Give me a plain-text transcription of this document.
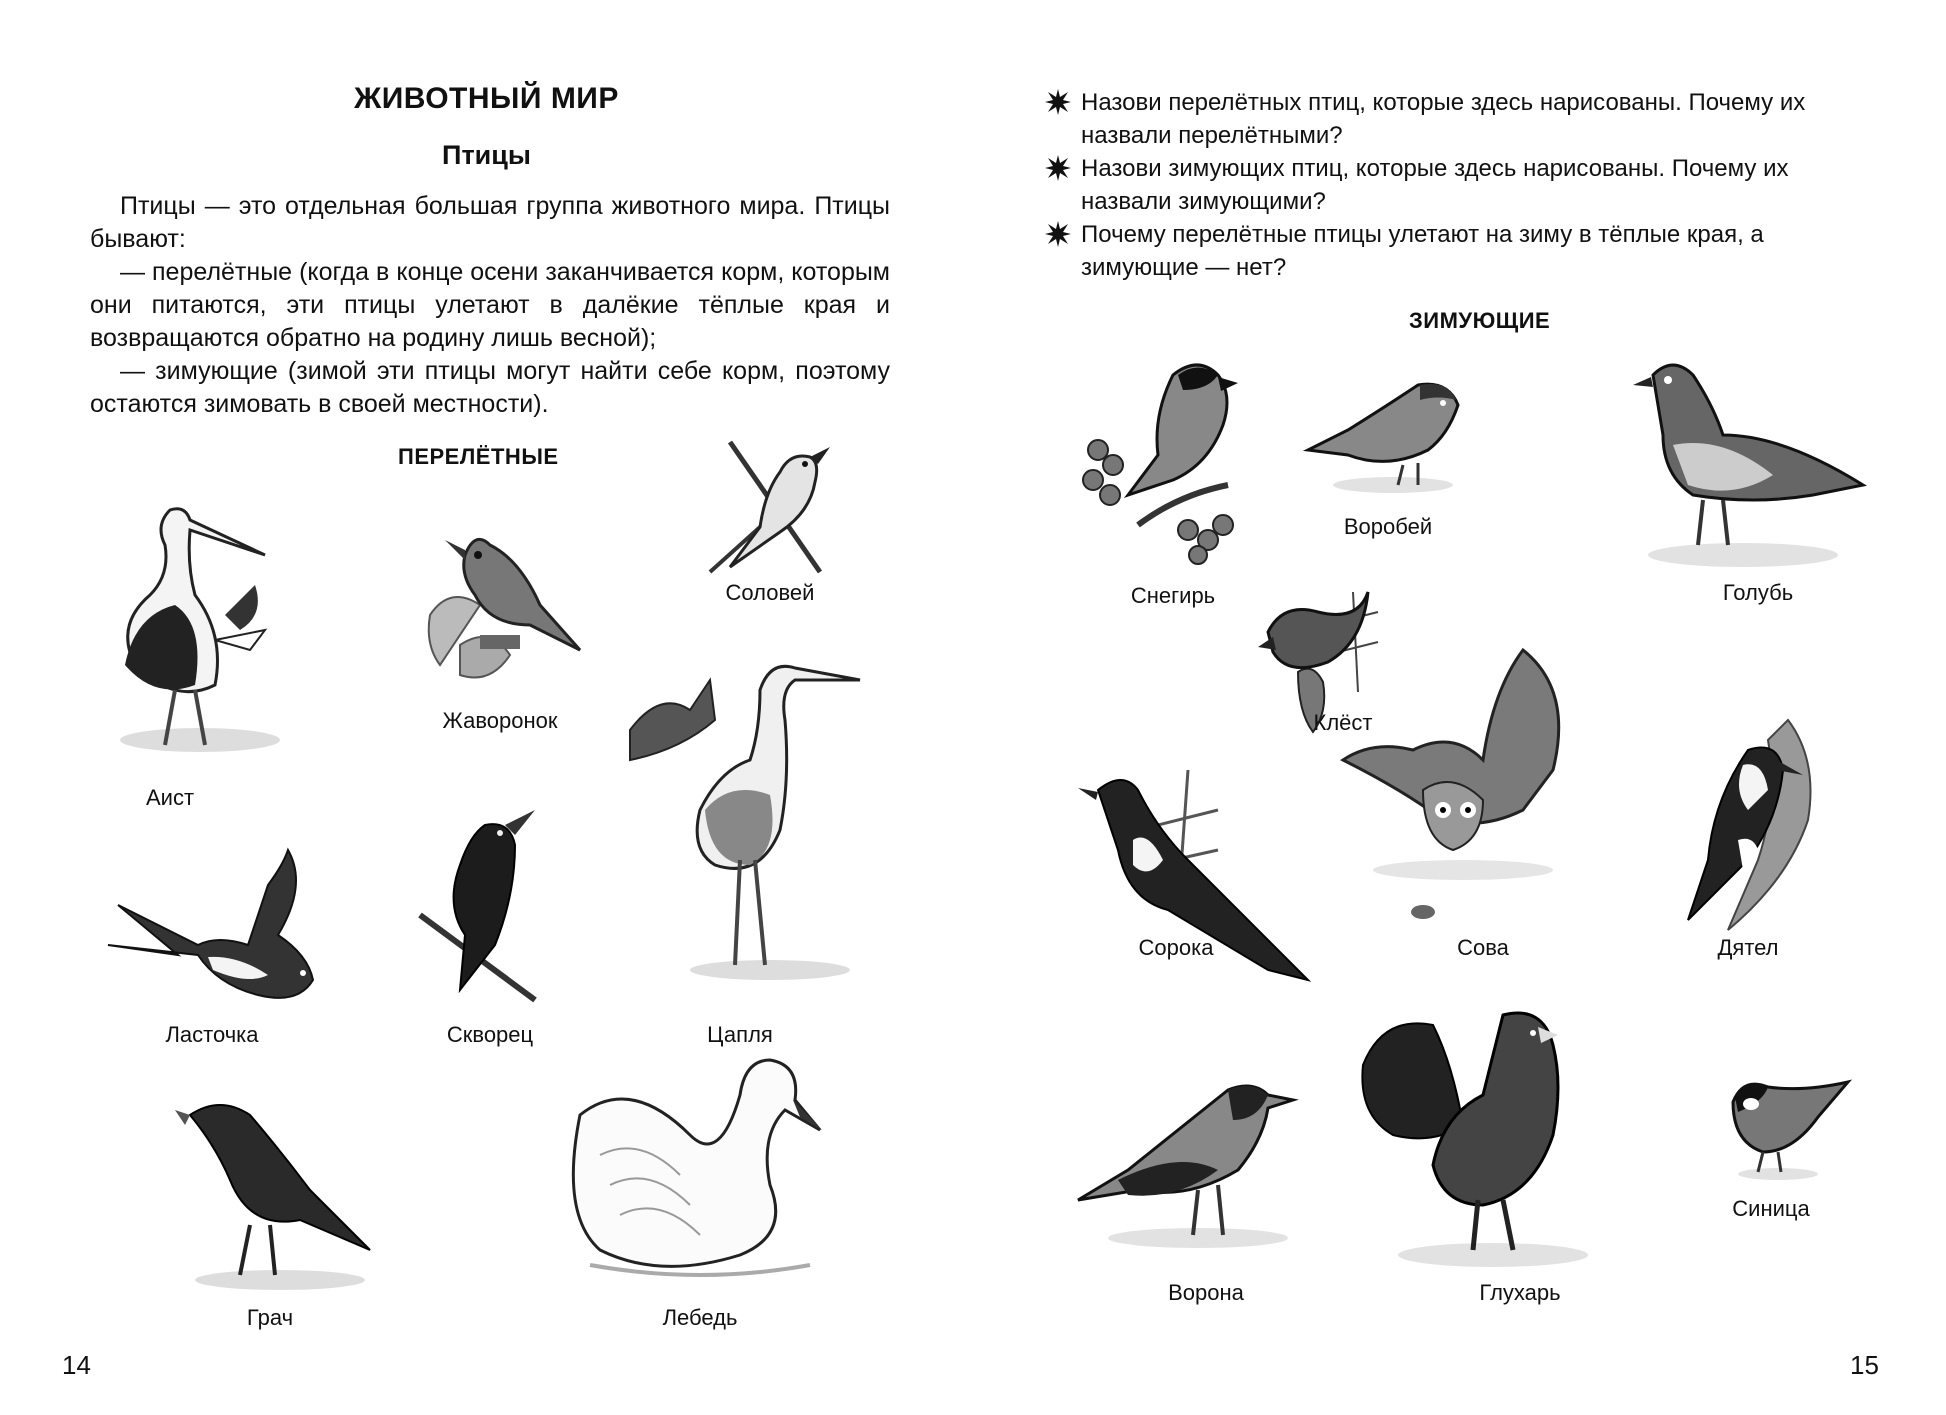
ЖИВОТНЫЙ МИР
Птицы

Птицы — это отдельная большая группа животного мира. Птицы бывают:

— перелётные (когда в конце осени заканчивается корм, которым они питаются, эти птицы улетают в далёкие тёплые края и возвращаются обратно на родину лишь весной);

— зимующие (зимой эти птицы могут найти себе корм, поэтому остаются зимовать в своей местности).

ПЕРЕЛЁТНЫЕ
Аист
Жаворонок
Соловей
Цапля
Ласточка	Скворец
Грач	Лебедь
14
Назови перелётных птиц, которые здесь нарисованы. Почему их назвали перелётными?
Назови зимующих птиц, которые здесь нарисованы. Почему их назвали зимующими?
Почему перелётные птицы улетают на зиму в тёплые края, а зимующие — нет?
ЗИМУЮЩИЕ
Снегирь
Воробей
Голубь
Клёст
Сова
Сорока	Дятел
Ворона	Глухарь
Синица
15
